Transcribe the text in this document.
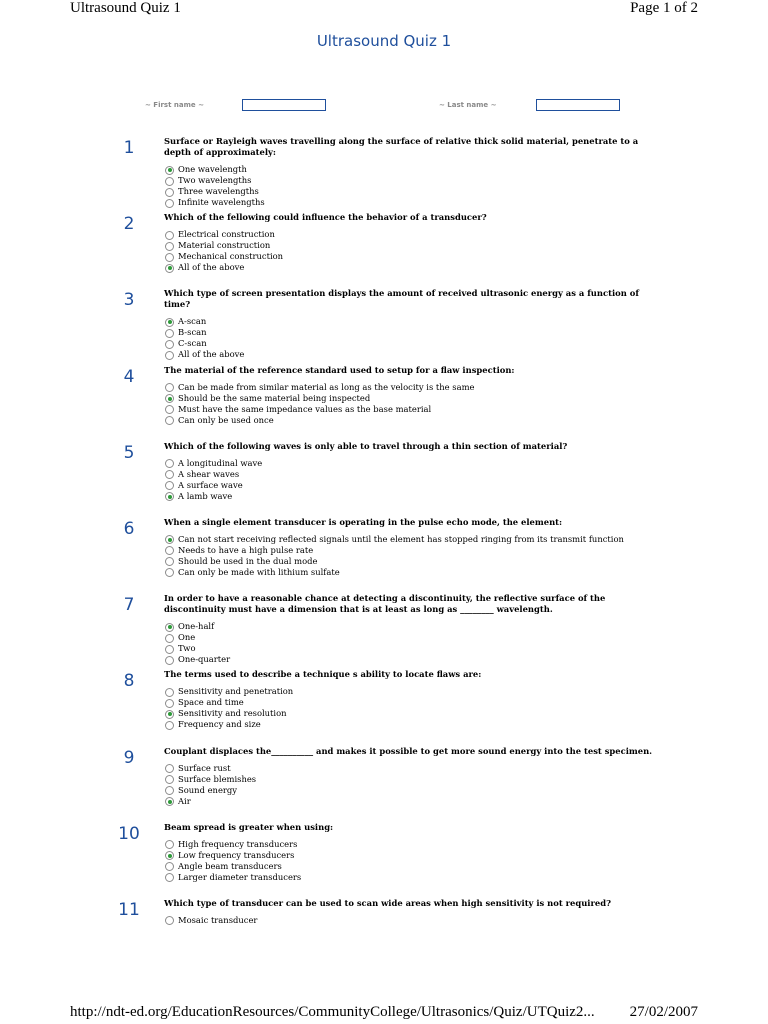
Ultrasound Quiz 1	Page 1 of 2
Ultrasound Quiz 1
~ First name ~	~ Last name ~
1	Surface or Rayleigh waves travelling along the surface of relative thick solid material, penetrate to a depth of approximately:
One wavelength
Two wavelengths
Three wavelengths
Infinite wavelengths
2	Which of the fellowing could influence the behavior of a transducer?
Electrical construction
Material construction
Mechanical construction
All of the above
3	Which type of screen presentation displays the amount of received ultrasonic energy as a function of time?
A-scan
B-scan
C-scan
All of the above
4	The material of the reference standard used to setup for a flaw inspection:
Can be made from similar material as long as the velocity is the same
Should be the same material being inspected
Must have the same impedance values as the base material
Can only be used once
5	Which of the following waves is only able to travel through a thin section of material?
A longitudinal wave
A shear waves
A surface wave
A lamb wave
6	When a single element transducer is operating in the pulse echo mode, the element:
Can not start receiving reflected signals until the element has stopped ringing from its transmit function
Needs to have a high pulse rate
Should be used in the dual mode
Can only be made with lithium sulfate
7	In order to have a reasonable chance at detecting a discontinuity, the reflective surface of the discontinuity must have a dimension that is at least as long as ________ wavelength.
One-half
One
Two
One-quarter
8	The terms used to describe a technique s ability to locate flaws are:
Sensitivity and penetration
Space and time
Sensitivity and resolution
Frequency and size
9	Couplant displaces the__________ and makes it possible to get more sound energy into the test specimen.
Surface rust
Surface blemishes
Sound energy
Air
10	Beam spread is greater when using:
High frequency transducers
Low frequency transducers
Angle beam transducers
Larger diameter transducers
11	Which type of transducer can be used to scan wide areas when high sensitivity is not required?
Mosaic transducer
http://ndt-ed.org/EducationResources/CommunityCollege/Ultrasonics/Quiz/UTQuiz2... 27/02/2007
